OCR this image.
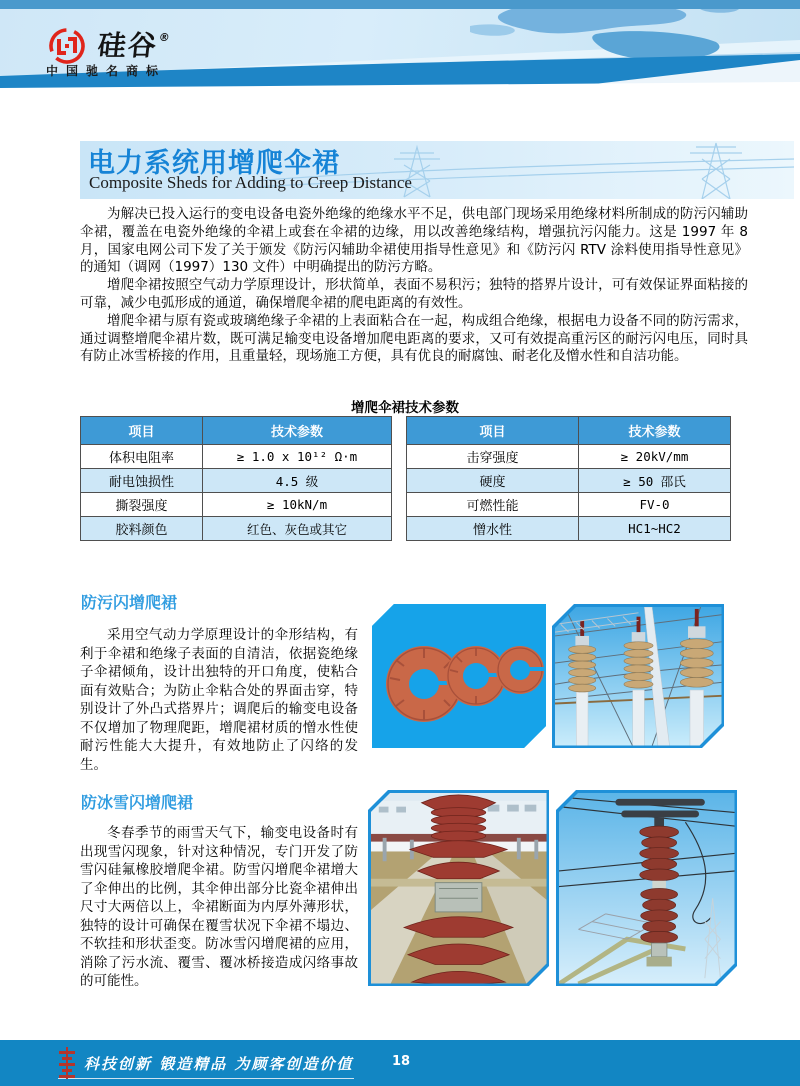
硅谷®
中国驰名商标
电力系统用增爬伞裙
Composite Sheds for Adding to Creep Distance

为解决已投入运行的变电设备电瓷外绝缘的绝缘水平不足，供电部门现场采用绝缘材料所制成的防污闪辅助伞裙，覆盖在电瓷外绝缘的伞裙上或套在伞裙的边缘，用以改善绝缘结构，增强抗污闪能力。这是 1997 年 8 月，国家电网公司下发了关于颁发《防污闪辅助伞裙使用指导性意见》和《防污闪 RTV 涂料使用指导性意见》的通知（调网（1997）130 文件）中明确提出的防污方略。

增爬伞裙按照空气动力学原理设计，形状简单，表面不易积污；独特的搭界片设计，可有效保证界面粘接的可靠，减少电弧形成的通道，确保增爬伞裙的爬电距离的有效性。

增爬伞裙与原有瓷或玻璃绝缘子伞裙的上表面粘合在一起，构成组合绝缘，根据电力设备不同的防污需求，通过调整增爬伞裙片数，既可满足输变电设备增加爬电距离的要求，又可有效提高重污区的耐污闪电压，同时具有防止冰雪桥接的作用，且重量轻，现场施工方便，具有优良的耐腐蚀、耐老化及憎水性和自洁功能。

增爬伞裙技术参数
项目	技术参数
体积电阻率	≥ 1.0 x 10¹² Ω·m
耐电蚀损性	4.5 级
撕裂强度	≥ 10kN/m
胶料颜色	红色、灰色或其它
项目	技术参数
击穿强度	≥ 20kV/mm
硬度	≥ 50 邵氏
可燃性能	FV-0
憎水性	HC1~HC2
防污闪增爬裙

采用空气动力学原理设计的伞形结构，有利于伞裙和绝缘子表面的自清洁，依据瓷绝缘子伞裙倾角，设计出独特的开口角度，使粘合面有效贴合；为防止伞粘合处的界面击穿，特别设计了外凸式搭界片；调爬后的输变电设备不仅增加了物理爬距，增爬裙材质的憎水性使耐污性能大大提升，有效地防止了闪络的发生。

防冰雪闪增爬裙

冬春季节的雨雪天气下，输变电设备时有出现雪闪现象，针对这种情况，专门开发了防雪闪硅氟橡胶增爬伞裙。防雪闪增爬伞裙增大了伞伸出的比例，其伞伸出部分比瓷伞裙伸出尺寸大两倍以上，伞裙断面为内厚外薄形状，独特的设计可确保在覆雪状况下伞裙不塌边、不软挂和形状歪变。防冰雪闪增爬裙的应用，消除了污水流、覆雪、覆冰桥接造成闪络事故的可能性。

科技创新 锻造精品 为顾客创造价值	18
